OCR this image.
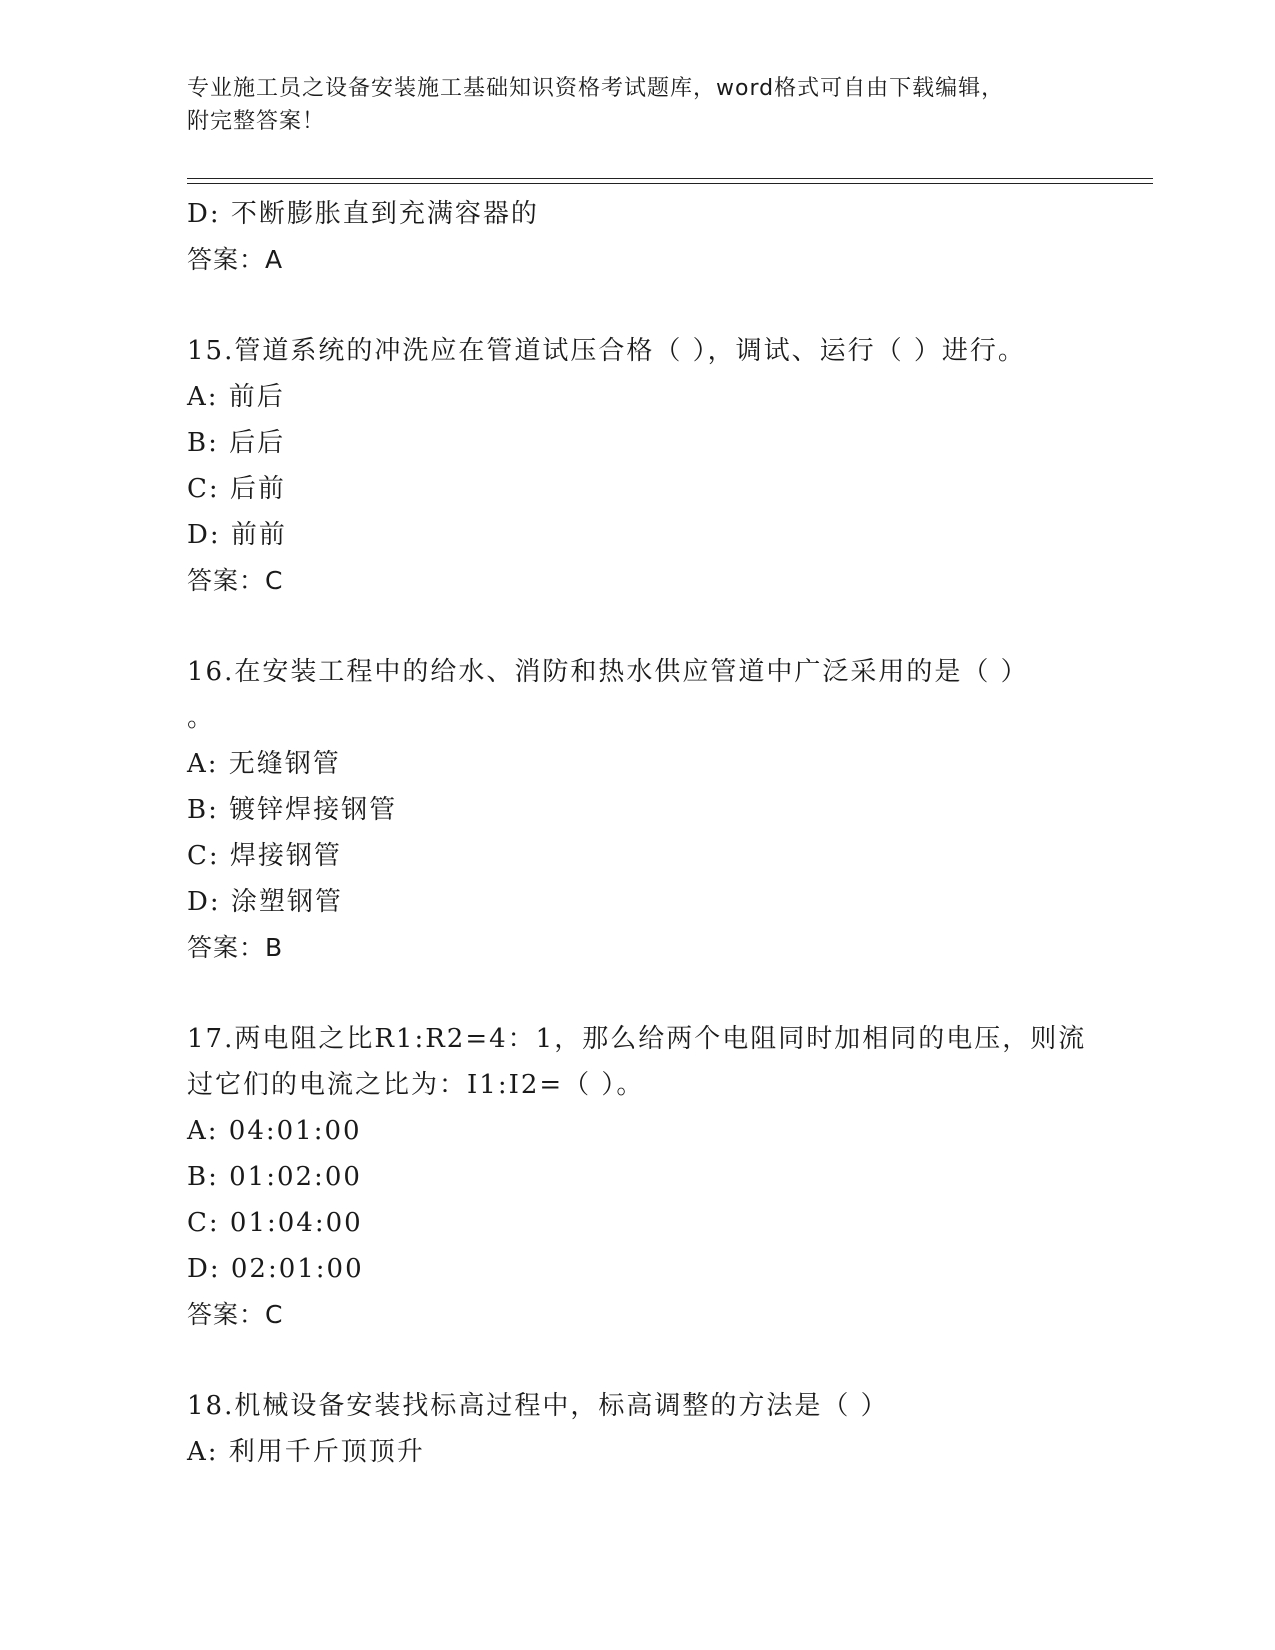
专业施工员之设备安装施工基础知识资格考试题库，word格式可自由下载编辑，
附完整答案！
D: 不断膨胀直到充满容器的
答案：A
15.管道系统的冲洗应在管道试压合格（ ），调试、运行（ ）进行。
A: 前后
B: 后后
C: 后前
D: 前前
答案：C
16.在安装工程中的给水、消防和热水供应管道中广泛采用的是（ ）
。
A: 无缝钢管
B: 镀锌焊接钢管
C: 焊接钢管
D: 涂塑钢管
答案：B
17.两电阻之比R1:R2=4：1，那么给两个电阻同时加相同的电压，则流
过它们的电流之比为：I1:I2=（ ）。
A: 04:01:00
B: 01:02:00
C: 01:04:00
D: 02:01:00
答案：C
18.机械设备安装找标高过程中，标高调整的方法是（ ）
A: 利用千斤顶顶升
